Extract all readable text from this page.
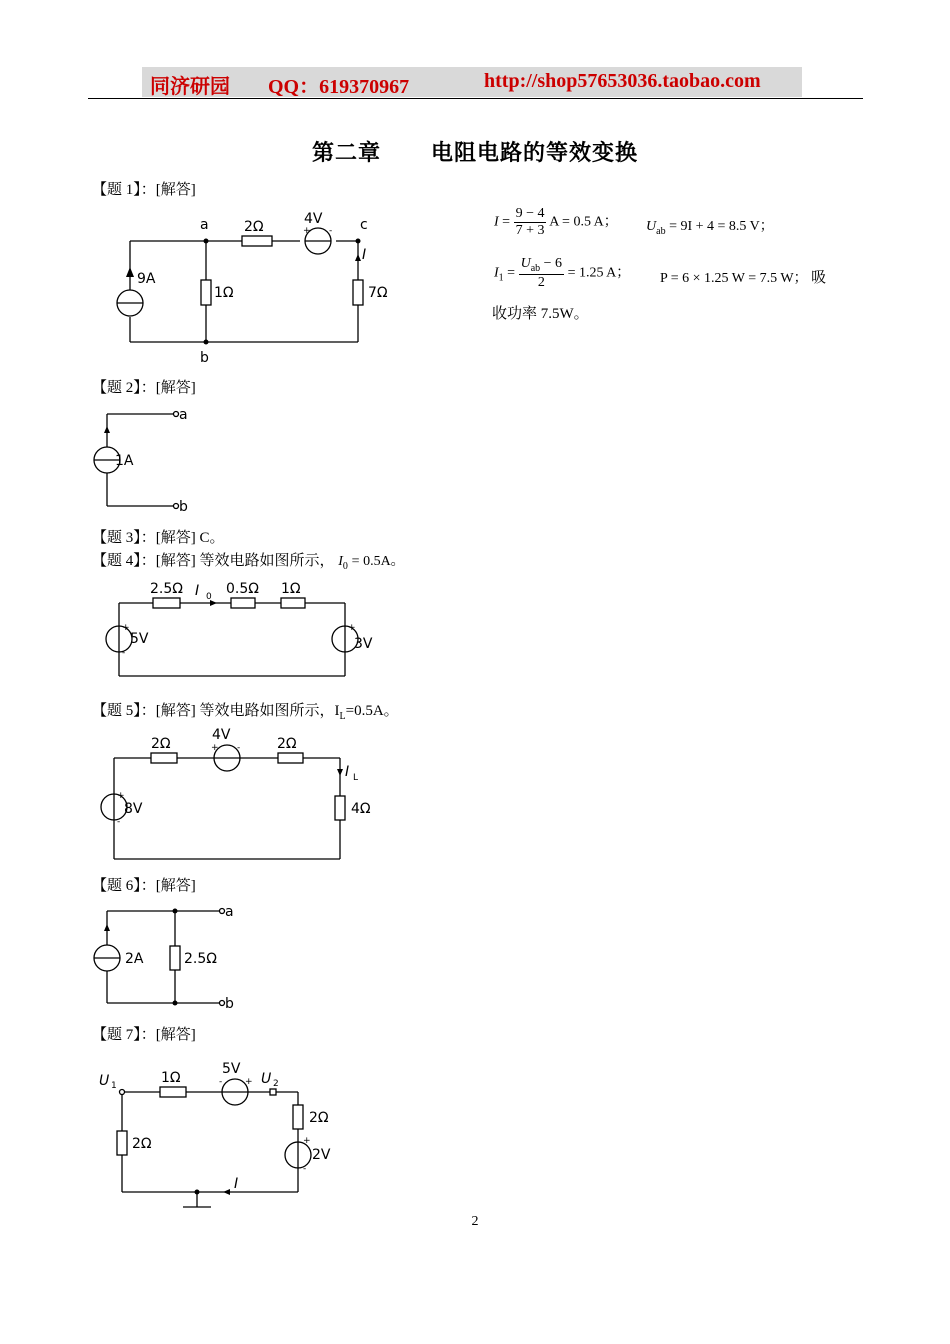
同济研园 QQ：619370967	http://shop57653036.taobao.com
第二章 电阻电路的等效变换
【题 1】：[解答]
a
b
c
2Ω	4V
+ -
I
9A
1Ω	7Ω
$I = \frac{9 - 4}{7 + 3}$ A = 0.5 A； $U_{ab} = 9I + 4 = 8.5$ V；
$I_1 = \frac{U_{ab} - 6}{2} = 1.25$ A； P = 6 × 1.25 W = 7.5 W； 吸
收功率 7.5W。
【题 2】：[解答]
1A
a
b
【题 3】：[解答] C。
【题 4】：[解答] 等效电路如图所示， $I_0 = 0.5A$。
2.5Ω I 0 0.5Ω 1Ω
+
5V
-
+
3V
【题 5】：[解答] 等效电路如图所示，$I_L=0.5A$。
2Ω
4V
+ -	2Ω
I L
+
8V
-
4Ω
【题 6】：[解答]
2A	2.5Ω
a
b
【题 7】：[解答]
U 1	1Ω
5V
-	+ U 2
2Ω
2Ω
+
2V
-
I
2
